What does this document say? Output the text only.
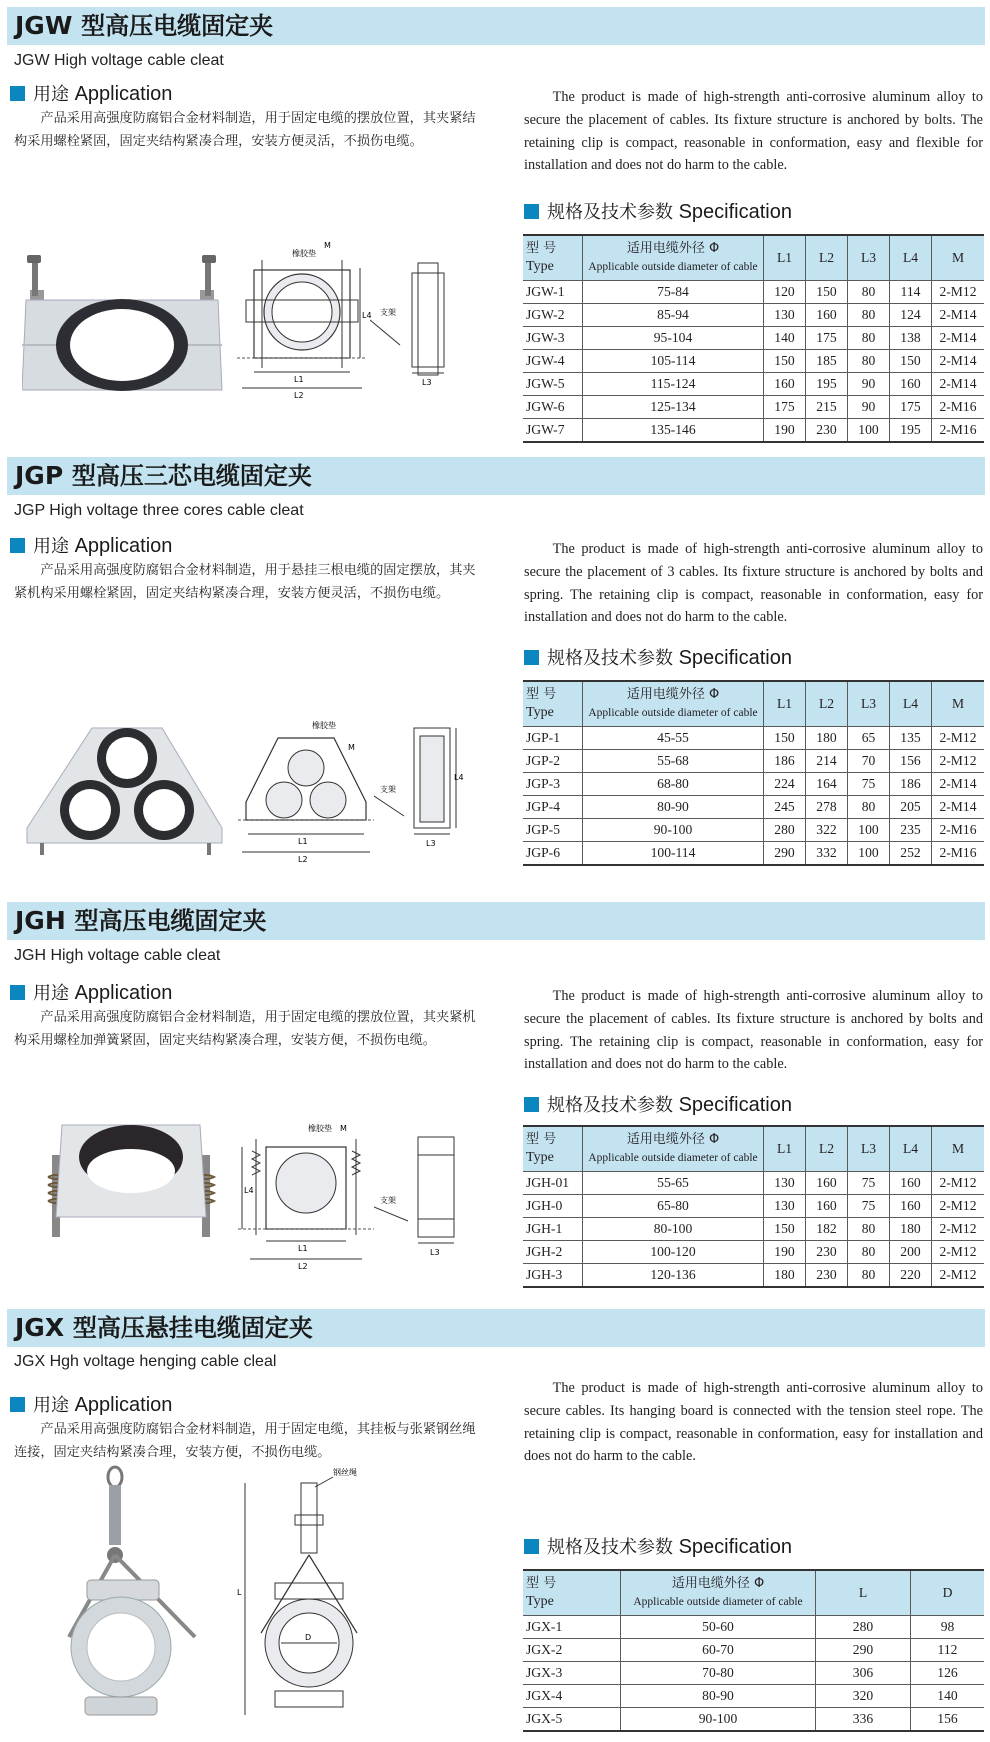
JGW 型高压电缆固定夹
JGW High voltage cable cleat
用途 Application
产品采用高强度防腐铝合金材料制造，用于固定电缆的摆放位置，其夹紧结构采用螺栓紧固，固定夹结构紧凑合理，安装方便灵活，不损伤电缆。
The product is made of high-strength anti-corrosive aluminum alloy to secure the placement of cables. Its fixture structure is anchored by bolts. The retaining clip is compact, reasonable in conformation, easy and flexible for installation and does not do harm to the cable.
规格及技术参数 Specification
橡胶垫
M
L1
L2
L4 支架
L3
型 号
Type	适用电缆外径 Φ
Applicable outside diameter of cable	L1	L2	L3	L4	M
JGW-1	75-84	120	150	80	114	2-M12
JGW-2	85-94	130	160	80	124	2-M14
JGW-3	95-104	140	175	80	138	2-M14
JGW-4	105-114	150	185	80	150	2-M14
JGW-5	115-124	160	195	90	160	2-M14
JGW-6	125-134	175	215	90	175	2-M16
JGW-7	135-146	190	230	100	195	2-M16
JGP 型高压三芯电缆固定夹
JGP High voltage three cores cable cleat
用途 Application
产品采用高强度防腐铝合金材料制造，用于悬挂三根电缆的固定摆放，其夹紧机构采用螺栓紧固，固定夹结构紧凑合理，安装方便灵活，不损伤电缆。
The product is made of high-strength anti-corrosive aluminum alloy to secure the placement of 3 cables. Its fixture structure is anchored by bolts and spring. The retaining clip is compact, reasonable in conformation, easy for installation and does not do harm to the cable.
规格及技术参数 Specification
橡胶垫
M
L1
L2
支架
L3
L4
型 号
Type	适用电缆外径 Φ
Applicable outside diameter of cable	L1	L2	L3	L4	M
JGP-1	45-55	150	180	65	135	2-M12
JGP-2	55-68	186	214	70	156	2-M12
JGP-3	68-80	224	164	75	186	2-M14
JGP-4	80-90	245	278	80	205	2-M14
JGP-5	90-100	280	322	100	235	2-M16
JGP-6	100-114	290	332	100	252	2-M16
JGH 型高压电缆固定夹
JGH High voltage cable cleat
用途 Application
产品采用高强度防腐铝合金材料制造，用于固定电缆的摆放位置，其夹紧机构采用螺栓加弹簧紧固，固定夹结构紧凑合理，安装方便，不损伤电缆。
The product is made of high-strength anti-corrosive aluminum alloy to secure the placement of cables. Its fixture structure is anchored by bolts and spring. The retaining clip is compact, reasonable in conformation, easy for installation and does not do harm to the cable.
规格及技术参数 Specification
橡胶垫 M
L1
L2
L4
支架
L3
型 号
Type	适用电缆外径 Φ
Applicable outside diameter of cable	L1	L2	L3	L4	M
JGH-01	55-65	130	160	75	160	2-M12
JGH-0	65-80	130	160	75	160	2-M12
JGH-1	80-100	150	182	80	180	2-M12
JGH-2	100-120	190	230	80	200	2-M12
JGH-3	120-136	180	230	80	220	2-M12
JGX 型高压悬挂电缆固定夹
JGX Hgh voltage henging cable cleal
用途 Application
产品采用高强度防腐铝合金材料制造，用于固定电缆，其挂板与张紧钢丝绳连接，固定夹结构紧凑合理，安装方便，不损伤电缆。
The product is made of high-strength anti-corrosive aluminum alloy to secure cables. Its hanging board is connected with the tension steel rope. The retaining clip is compact, reasonable in conformation, easy for installation and does not do harm to the cable.
规格及技术参数 Specification
钢丝绳
D
L
型 号
Type	适用电缆外径 Φ
Applicable outside diameter of cable	L	D
JGX-1	50-60	280	98
JGX-2	60-70	290	112
JGX-3	70-80	306	126
JGX-4	80-90	320	140
JGX-5	90-100	336	156
